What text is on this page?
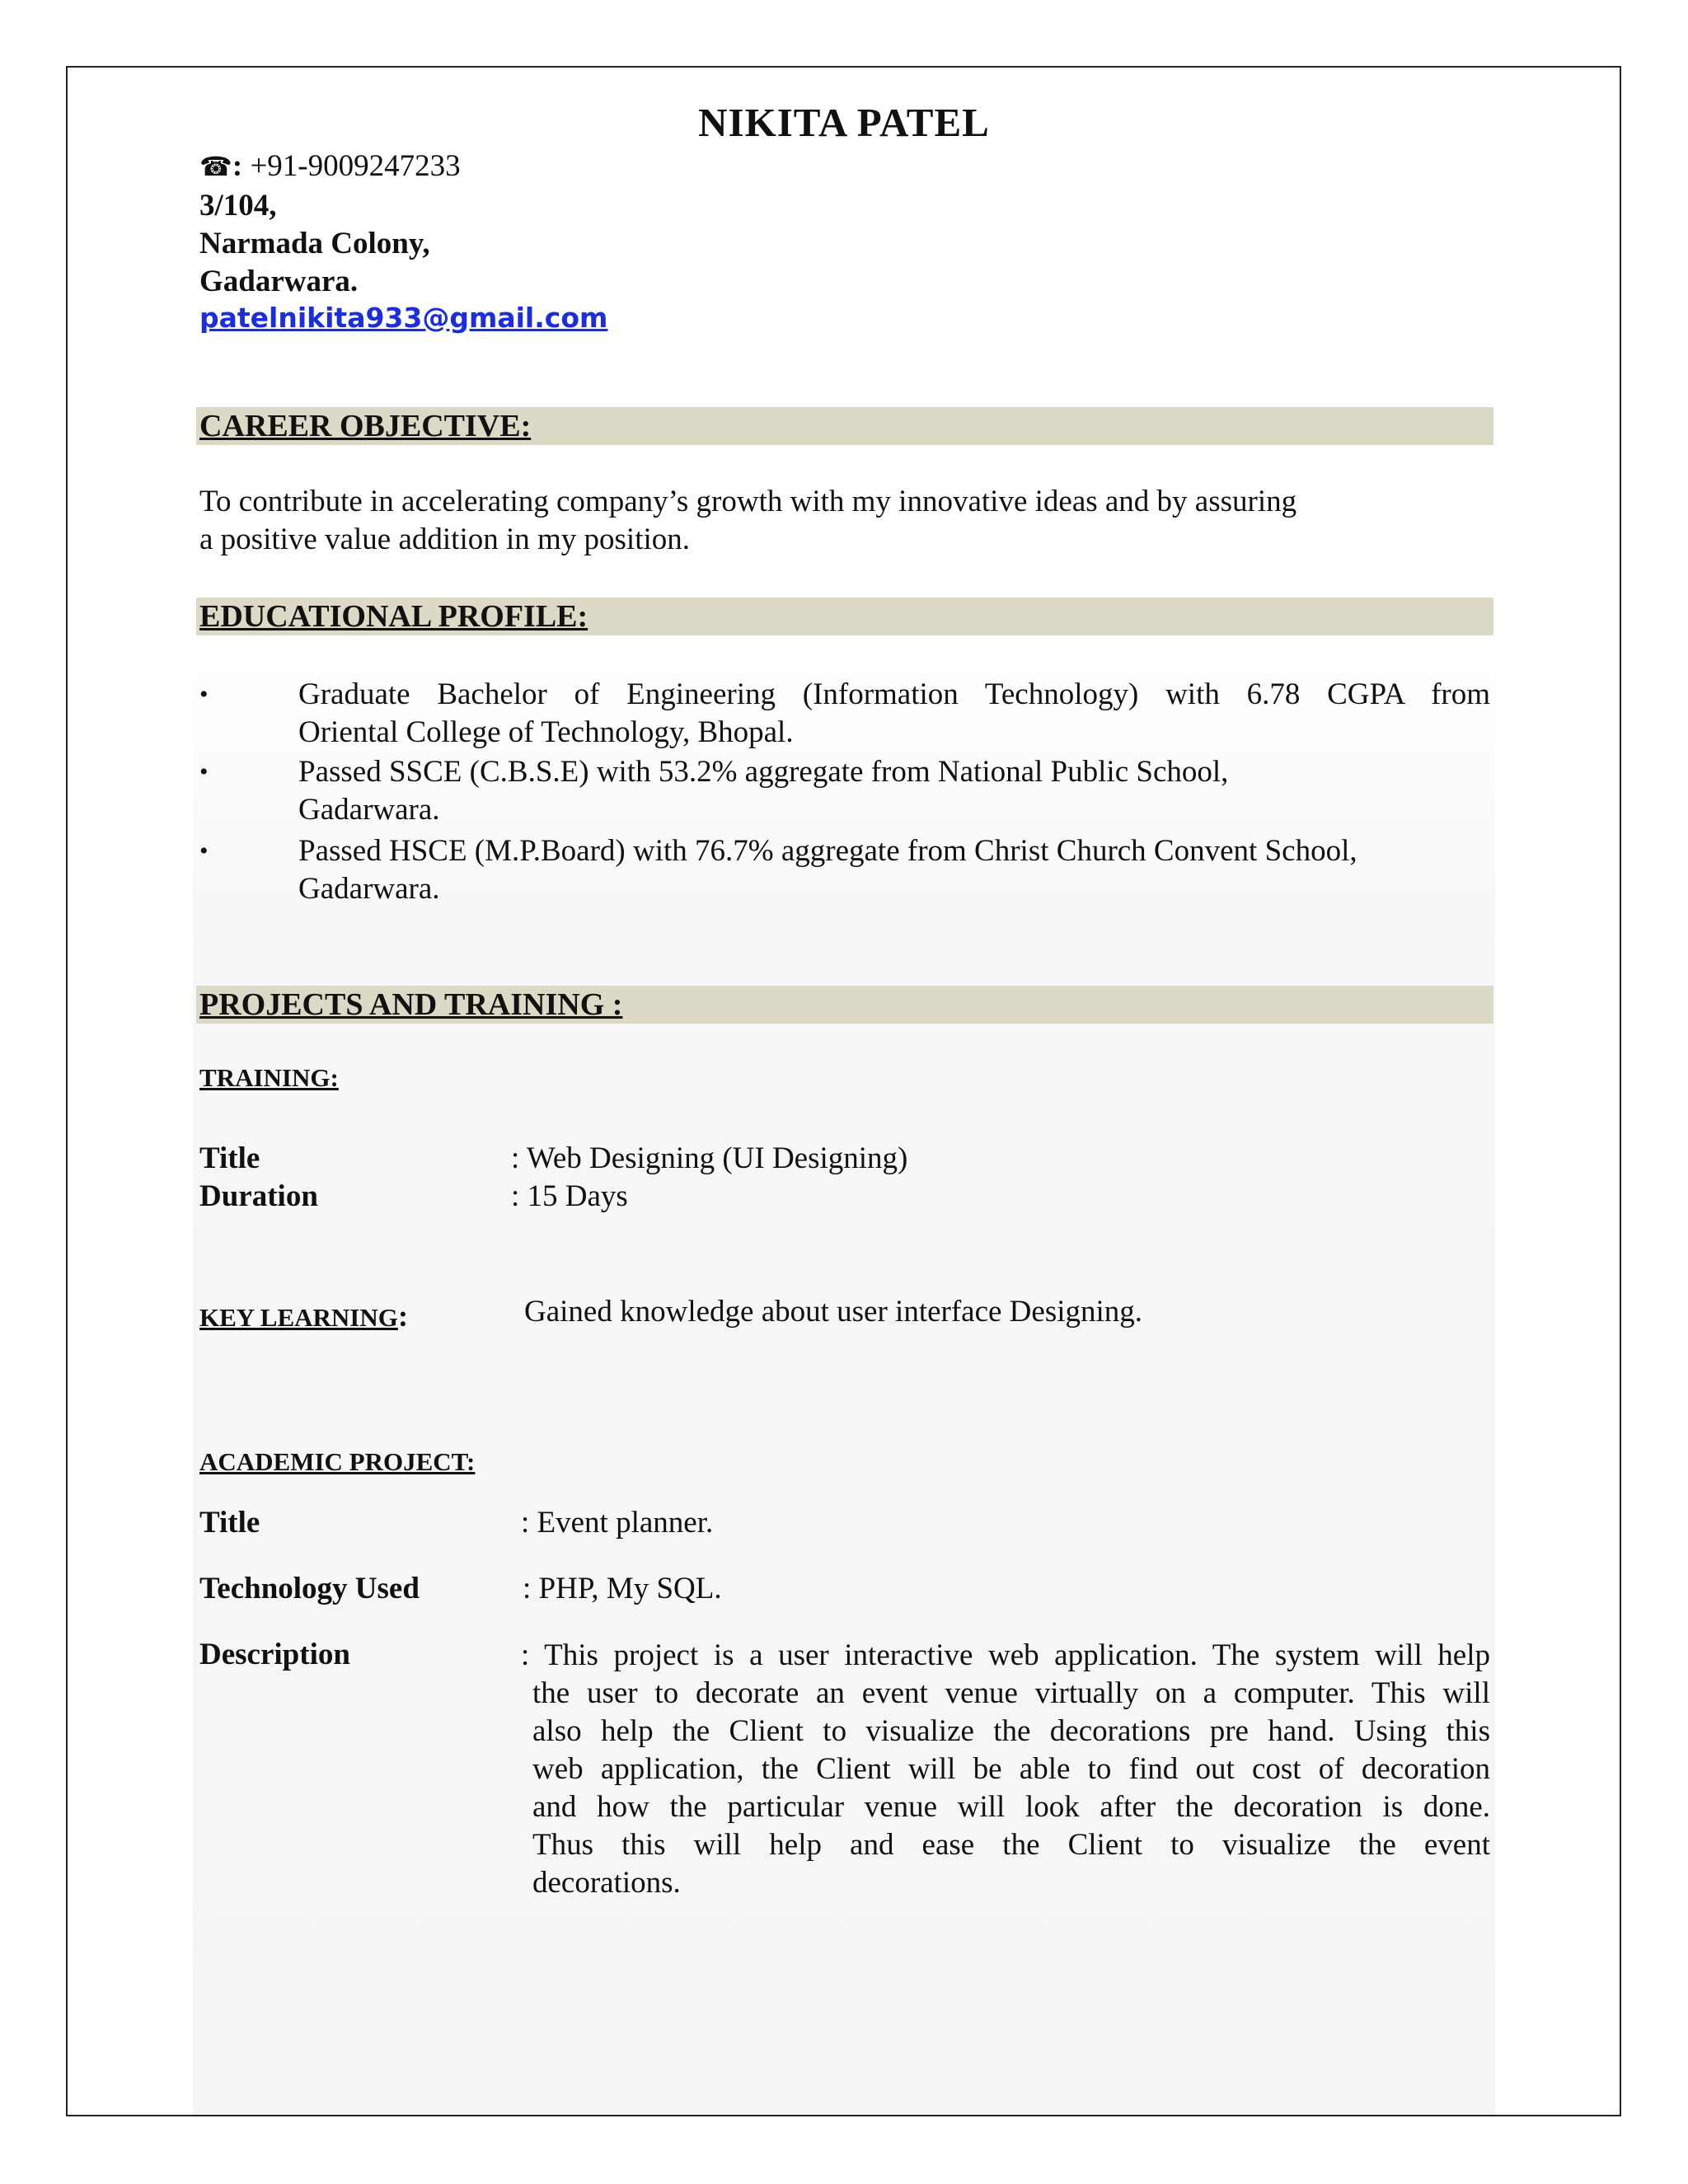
NIKITA PATEL
☎: +91-9009247233
3/104,
Narmada Colony,
Gadarwara.
patelnikita933@gmail.com
CAREER OBJECTIVE:
To contribute in accelerating company’s growth with my innovative ideas and by assuring
a positive value addition in my position.
EDUCATIONAL PROFILE:
•	Graduate Bachelor of Engineering (Information Technology) with 6.78 CGPA from
Oriental College of Technology, Bhopal.
•	Passed SSCE (C.B.S.E) with 53.2% aggregate from National Public School,
Gadarwara.
•	Passed HSCE (M.P.Board) with 76.7% aggregate from Christ Church Convent School,
Gadarwara.
PROJECTS AND TRAINING :
TRAINING:
Title	: Web Designing (UI Designing)
Duration	: 15 Days
KEY LEARNING:	Gained knowledge about user interface Designing.
ACADEMIC PROJECT:
Title	: Event planner.
Technology Used	: PHP, My SQL.
Description	: This project is a user interactive web application. The system will help
the user to decorate an event venue virtually on a computer. This will
also help the Client to visualize the decorations pre hand. Using this
web application, the Client will be able to find out cost of decoration
and how the particular venue will look after the decoration is done.
Thus this will help and ease the Client to visualize the event
decorations.
